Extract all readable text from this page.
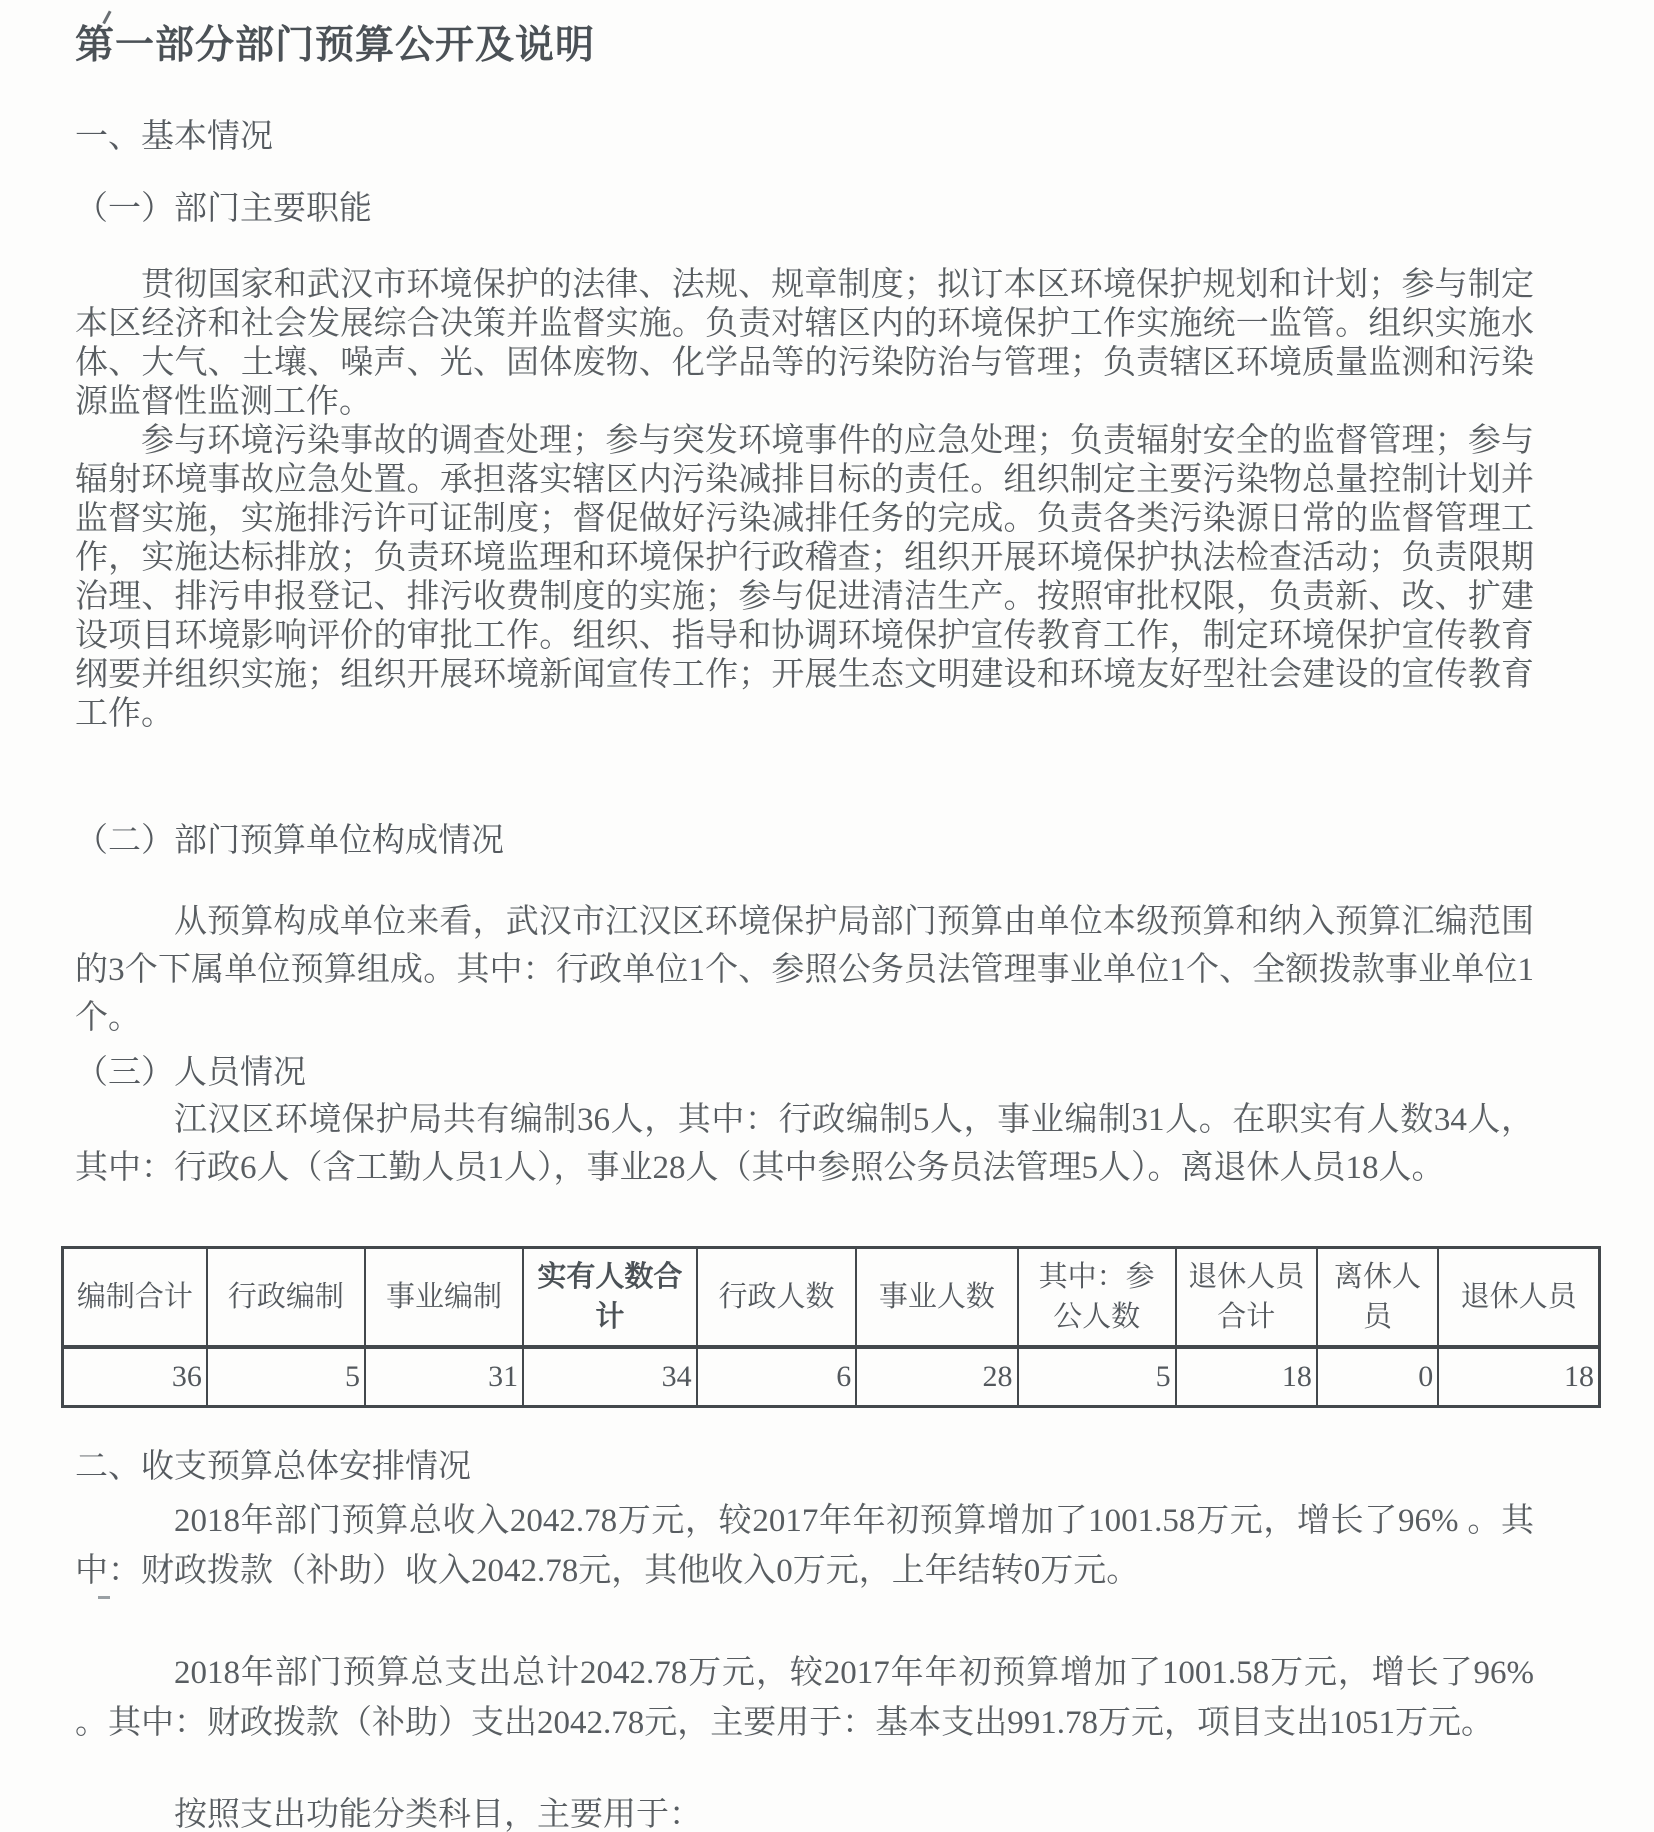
第一部分部门预算公开及说明
一、基本情况
（一）部门主要职能

贯彻国家和武汉市环境保护的法律、法规、规章制度；拟订本区环境保护规划和计划；参与制定本区经济和社会发展综合决策并监督实施。负责对辖区内的环境保护工作实施统一监管。组织实施水体、大气、土壤、噪声、光、固体废物、化学品等的污染防治与管理；负责辖区环境质量监测和污染源监督性监测工作。

参与环境污染事故的调查处理；参与突发环境事件的应急处理；负责辐射安全的监督管理；参与辐射环境事故应急处置。承担落实辖区内污染减排目标的责任。组织制定主要污染物总量控制计划并监督实施，实施排污许可证制度；督促做好污染减排任务的完成。负责各类污染源日常的监督管理工作，实施达标排放；负责环境监理和环境保护行政稽查；组织开展环境保护执法检查活动；负责限期治理、排污申报登记、排污收费制度的实施；参与促进清洁生产。按照审批权限，负责新、改、扩建设项目环境影响评价的审批工作。组织、指导和协调环境保护宣传教育工作，制定环境保护宣传教育纲要并组织实施；组织开展环境新闻宣传工作；开展生态文明建设和环境友好型社会建设的宣传教育工作。

（二）部门预算单位构成情况

从预算构成单位来看，武汉市江汉区环境保护局部门预算由单位本级预算和纳入预算汇编范围的3个下属单位预算组成。其中：行政单位1个、参照公务员法管理事业单位1个、全额拨款事业单位1个。

（三）人员情况

江汉区环境保护局共有编制36人，其中：行政编制5人，事业编制31人。在职实有人数34人，其中：行政6人（含工勤人员1人），事业28人（其中参照公务员法管理5人）。离退休人员18人。

编制合计	行政编制	事业编制	实有人数合计	行政人数	事业人数	其中：参公人数	退休人员合计	离休人员	退休人员
36	5	31	34	6	28	5	18	0	18
二、收支预算总体安排情况

2018年部门预算总收入2042.78万元，较2017年年初预算增加了1001.58万元，增长了96% 。其中：财政拨款（补助）收入2042.78元，其他收入0万元，上年结转0万元。

2018年部门预算总支出总计2042.78万元，较2017年年初预算增加了1001.58万元，增长了96% 。其中：财政拨款（补助）支出2042.78元，主要用于：基本支出991.78万元，项目支出1051万元。

按照支出功能分类科目，主要用于：
